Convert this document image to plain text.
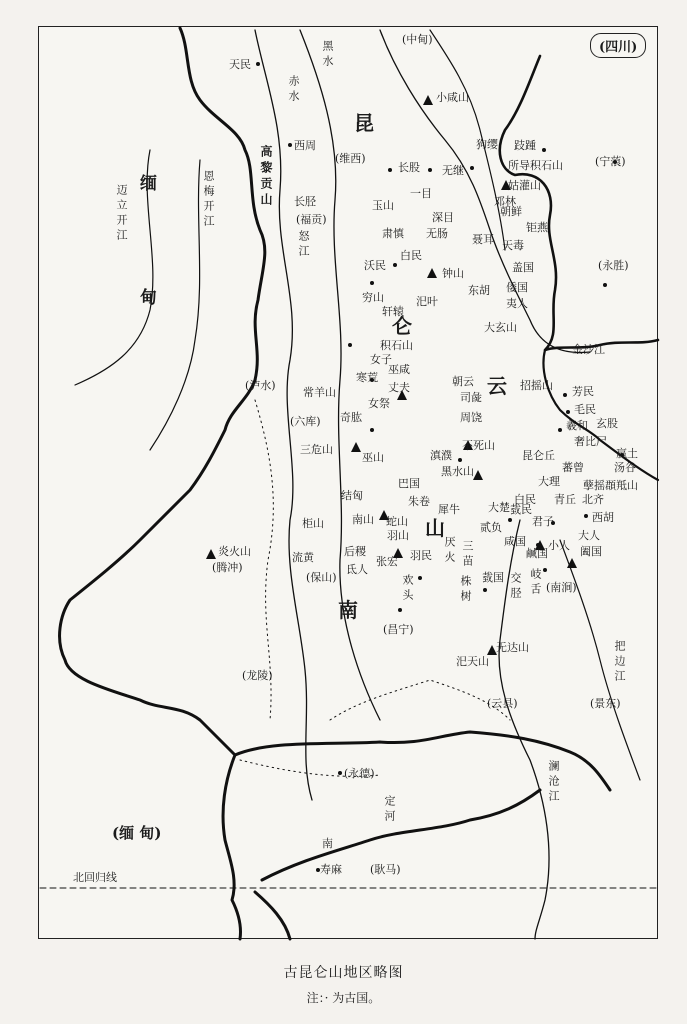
(四川)
缅
甸
(缅 甸)
昆
仑
山
南
云
迈立开江	恩梅开江	高黎贡山
怒江
澜沧江
金沙江
黑水
把边江
定河
赤水
天民
(中甸)
小咸山
西周
(维西)
长股 无继
狗缨 跂踵
所导积石山	(宁蒗)
长胫
(福贡)
一目
姑灌山
邓林
玉山
深目	朝鲜
钜燕
肃慎 无肠 聂耳 天毒
(永胜)
白民
沃民	盖国
钟山
东胡 倭国
夷人
穷山
轩辕
汜叶
大玄山
女子
积石山
巫咸
寒荒
丈夫
女祭
常羊山
奇肱
(六库)
(泸水)
三危山
朝云
司彘
周饶
不死山
招摇山 芳民
毛民
玄股
羲和
奢比尸
嬴土
昆仑丘
汤谷
蕃曾
孽摇頵羝山
巫山
黑水山
大理
巴国
滇濮
白民 青丘 北齐
结匈	朱卷
犀牛	大楚
君子	西胡
柜山	南山
羽山
蛇山
咸国
贰负
小人
大人
阖国
炎火山
(腾冲)
流黄
(保山)
后稷
氐人
张宏 羽民 厌火 三苗
株树 臷国 交胫 岐舌 (南涧)
欢头
(昌宁)
无达山
汜天山
(龙陵)
(云县)	(景东)
(永德)
南
寿麻	(耿马)
鹹国
臷民
北回归线
古昆仑山地区略图
注：· 为古国。
